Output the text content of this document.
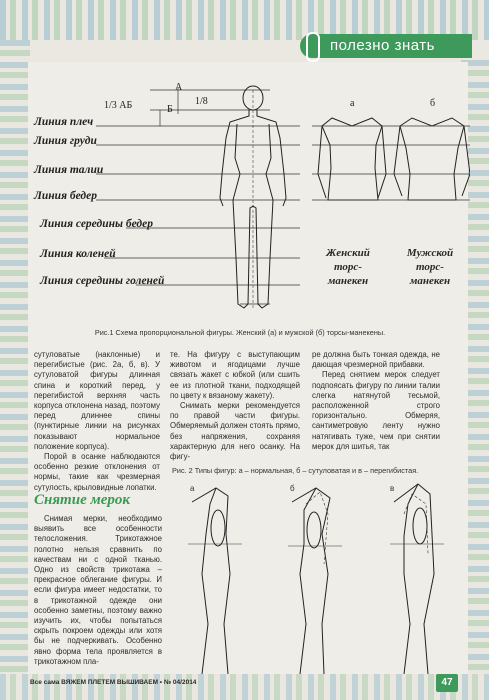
полезно знать
А
Б
1/3 АБ	1/8	а	б
Линия плеч
Линия груди
Линия талии
Линия бедер
Линия середины бедер
Линия коленей
Линия середины голеней
Женский
торс-
манекен
Мужской
торс-
манекен
Рис.1 Схема пропорциональной фигуры. Женский (а) и мужской (б) торсы-манекены.

сутуловатые (наклонные) и перегибистые (рис. 2а, б, в). У сутуловатой фигуры длинная спина и короткий перед, у перегибистой верхняя часть корпуса отклонена назад, поэтому перед длиннее спины (пунктирные линии на рисунках показывают нормальное положение корпуса).

Порой в осанке наблюдаются особенно резкие отклонения от нормы, такие как чрезмерная сутулость, крыловидные лопатки.

те. На фигуру с выступающим животом и ягодицами лучше связать жакет с юбкой (или сшить ее из плотной ткани, подходящей по цвету к вязаному жакету).

Снимать мерки рекомендуется по правой части фигуры. Обмеряемый должен стоять прямо, без напряжения, сохраняя характерную для него осанку. На фигу-

ре должна быть тонкая одежда, не дающая чрезмерной прибавки.

Перед снятием мерок следует подпоясать фигуру по линии талии слегка натянутой тесьмой, расположенной строго горизонтально. Обмеряя, сантиметровую ленту нужно натягивать туже, чем при снятии мерок для шитья, так

Снятие мерок

Снимая мерки, необходимо выявить все особенности телосложения. Трикотажное полотно нельзя сравнить по качествам ни с одной тканью. Одно из свойств трикотажа – прекрасное облегание фигуры. И если фигура имеет недостатки, то в трикотажной одежде они особенно заметны, поэтому важно изучить их, чтобы попытаться скрыть покроем одежды или хотя бы не подчеркивать. Особенно явно форма тела проявляется в трикотажном пла-

Рис. 2 Типы фигур: а – нормальная, б – сутуловатая и в – перегибистая.
а	б	в
Все сама ВЯЖЕМ ПЛЕТЕМ ВЫШИВАЕМ • № 04/2014	47
